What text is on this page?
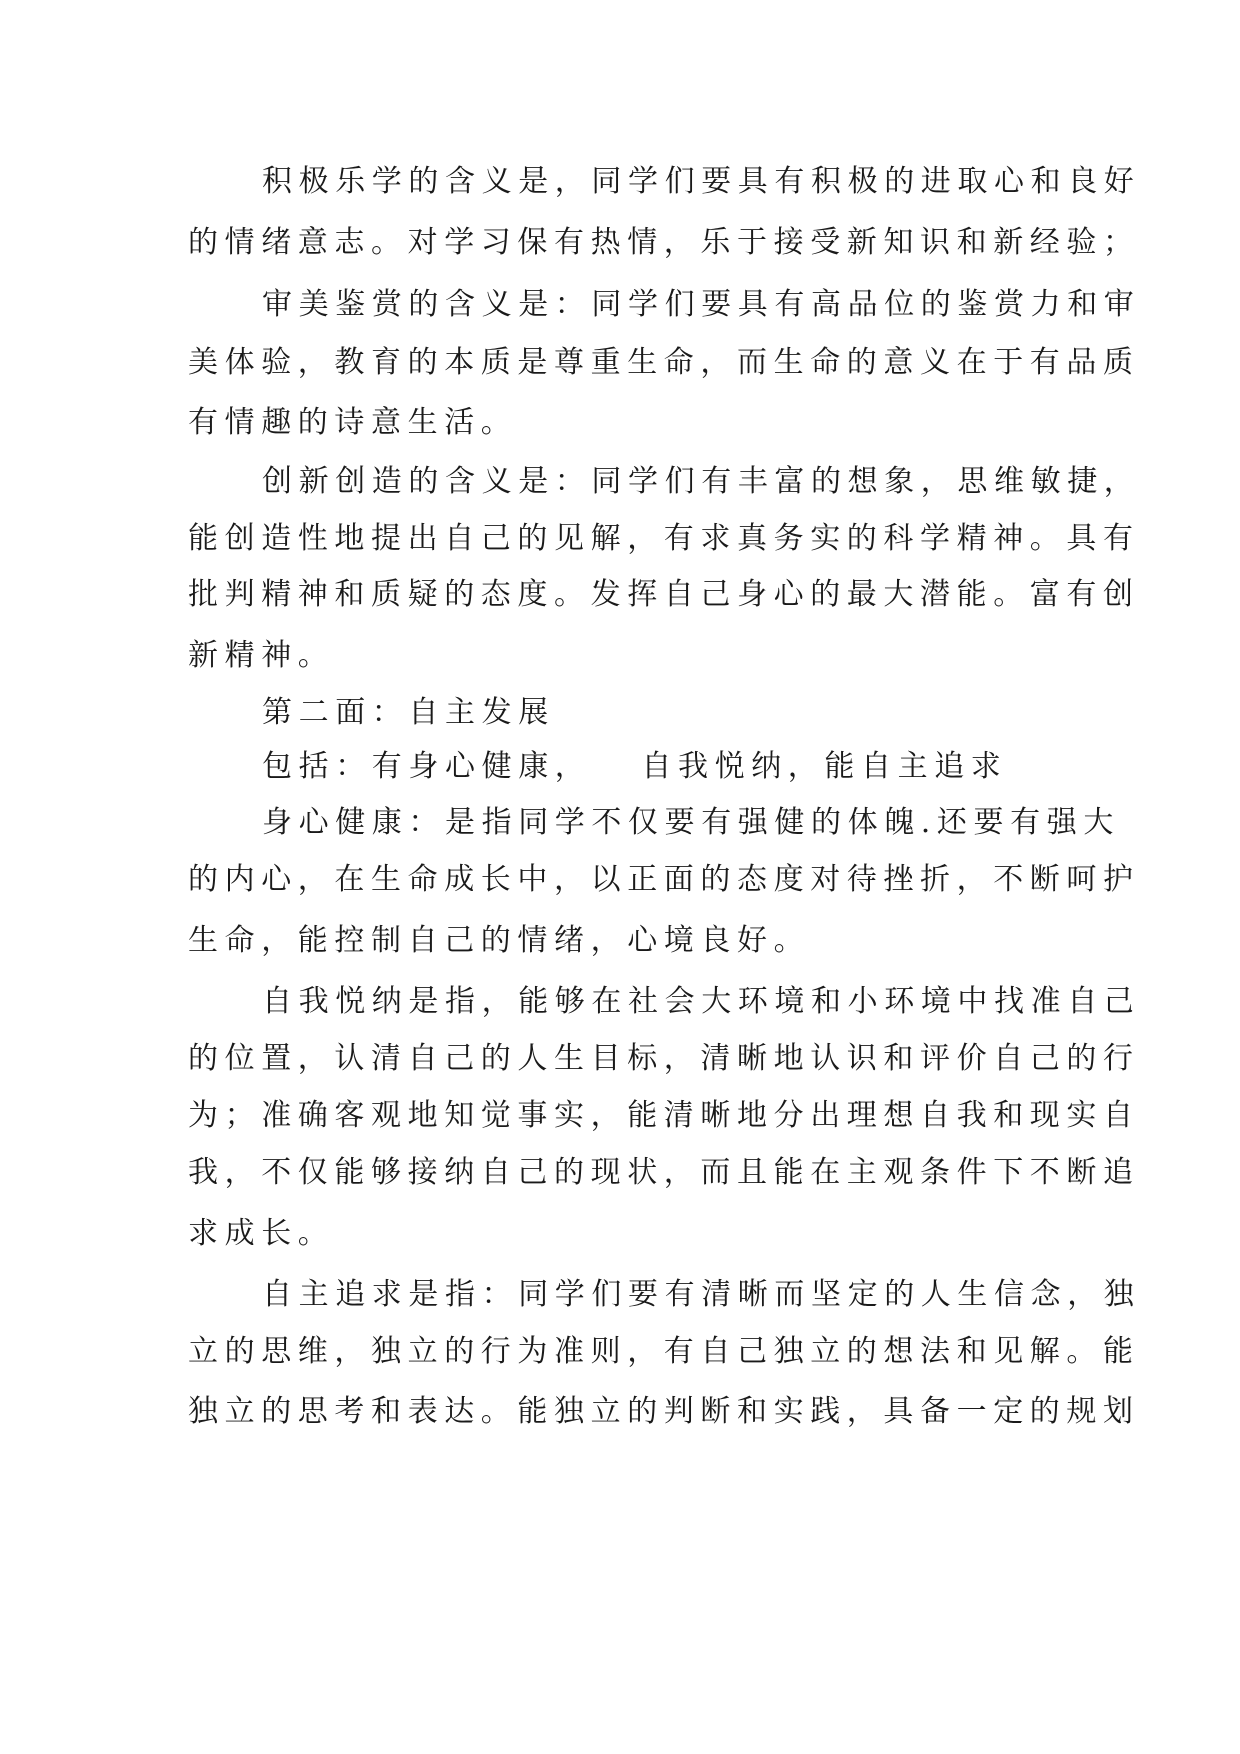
积极乐学的含义是，同学们要具有积极的进取心和良好
的情绪意志。对学习保有热情，乐于接受新知识和新经验；
审美鉴赏的含义是：同学们要具有高品位的鉴赏力和审
美体验，教育的本质是尊重生命，而生命的意义在于有品质
有情趣的诗意生活。
创新创造的含义是：同学们有丰富的想象，思维敏捷，
能创造性地提出自己的见解，有求真务实的科学精神。具有
批判精神和质疑的态度。发挥自己身心的最大潜能。富有创
新精神。
第二面：自主发展
包括：有身心健康， 自我悦纳，能自主追求
身心健康：是指同学不仅要有强健的体魄.还要有强大
的内心，在生命成长中，以正面的态度对待挫折，不断呵护
生命，能控制自己的情绪，心境良好。
自我悦纳是指，能够在社会大环境和小环境中找准自己
的位置，认清自己的人生目标，清晰地认识和评价自己的行
为；准确客观地知觉事实，能清晰地分出理想自我和现实自
我，不仅能够接纳自己的现状，而且能在主观条件下不断追
求成长。
自主追求是指：同学们要有清晰而坚定的人生信念，独
立的思维，独立的行为准则，有自己独立的想法和见解。能
独立的思考和表达。能独立的判断和实践，具备一定的规划
